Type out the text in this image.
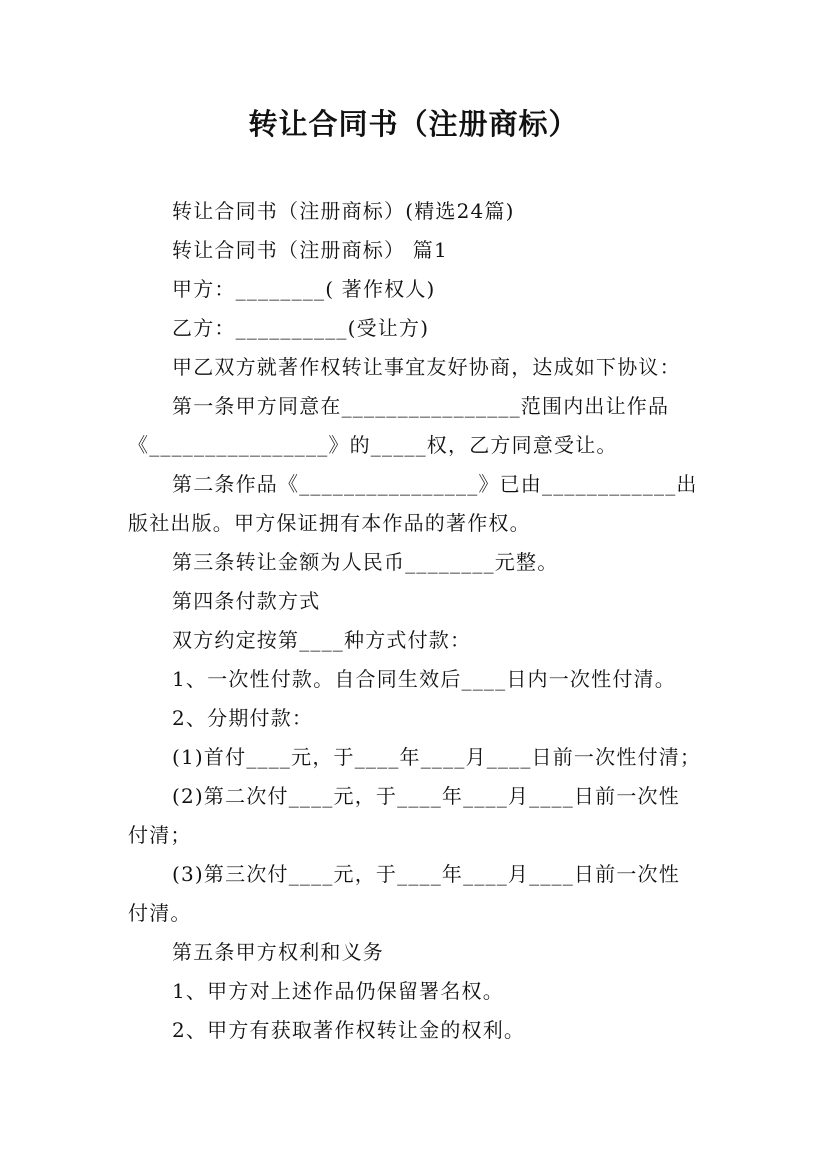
转让合同书（注册商标）
转让合同书（注册商标）(精选24篇)
转让合同书（注册商标） 篇1
甲方：________( 著作权人)
乙方：__________(受让方)
甲乙双方就著作权转让事宜友好协商，达成如下协议：
第一条甲方同意在________________范围内出让作品
《________________》的_____权，乙方同意受让。
第二条作品《________________》已由____________出
版社出版。甲方保证拥有本作品的著作权。
第三条转让金额为人民币________元整。
第四条付款方式
双方约定按第____种方式付款：
1、一次性付款。自合同生效后____日内一次性付清。
2、分期付款：
(1)首付____元，于____年____月____日前一次性付清；
(2)第二次付____元，于____年____月____日前一次性
付清；
(3)第三次付____元，于____年____月____日前一次性
付清。
第五条甲方权利和义务
1、甲方对上述作品仍保留署名权。
2、甲方有获取著作权转让金的权利。
